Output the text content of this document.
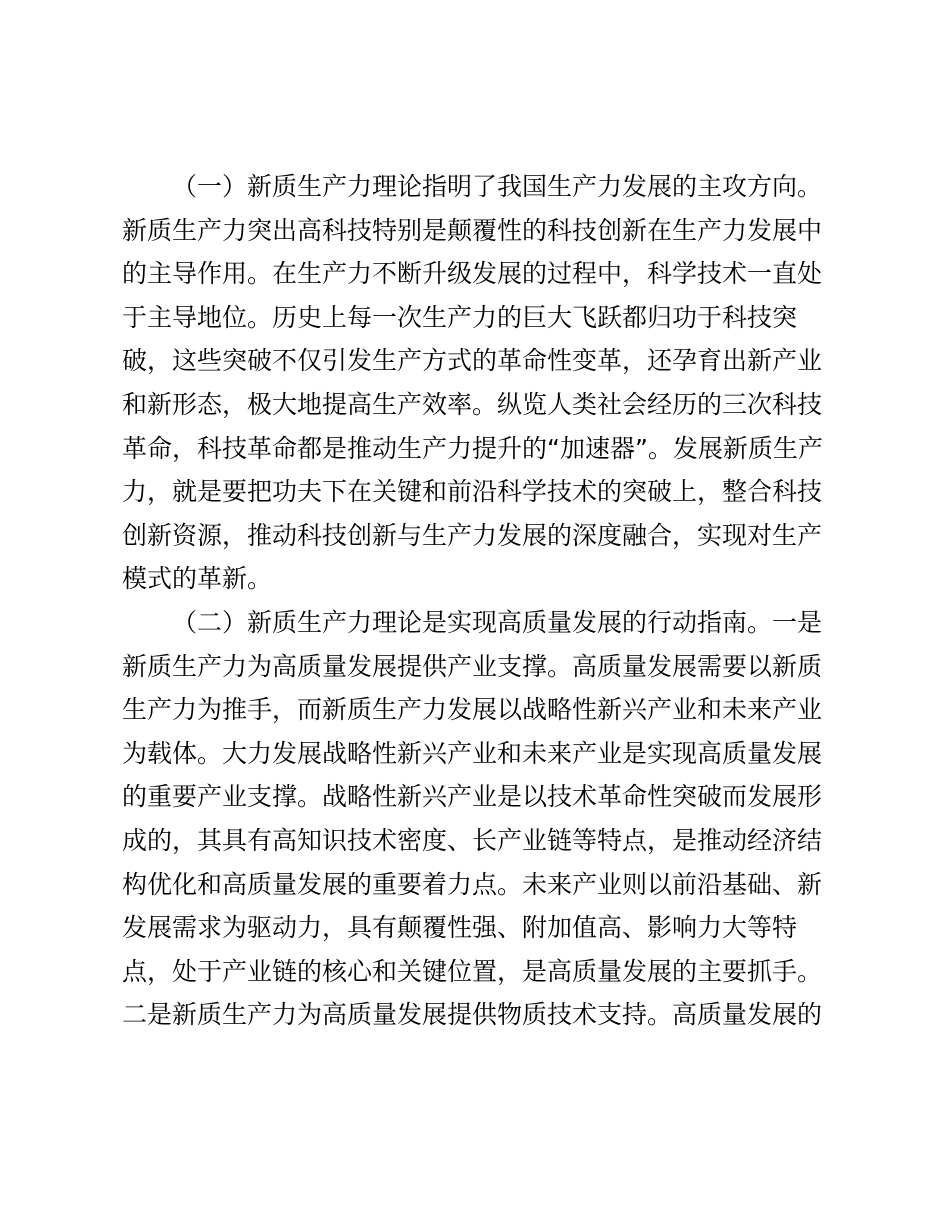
（一）新质生产力理论指明了我国生产力发展的主攻方向。
新质生产力突出高科技特别是颠覆性的科技创新在生产力发展中
的主导作用。在生产力不断升级发展的过程中，科学技术一直处
于主导地位。历史上每一次生产力的巨大飞跃都归功于科技突
破，这些突破不仅引发生产方式的革命性变革，还孕育出新产业
和新形态，极大地提高生产效率。纵览人类社会经历的三次科技
革命，科技革命都是推动生产力提升的“加速器”。发展新质生产
力，就是要把功夫下在关键和前沿科学技术的突破上，整合科技
创新资源，推动科技创新与生产力发展的深度融合，实现对生产
模式的革新。
（二）新质生产力理论是实现高质量发展的行动指南。一是
新质生产力为高质量发展提供产业支撑。高质量发展需要以新质
生产力为推手，而新质生产力发展以战略性新兴产业和未来产业
为载体。大力发展战略性新兴产业和未来产业是实现高质量发展
的重要产业支撑。战略性新兴产业是以技术革命性突破而发展形
成的，其具有高知识技术密度、长产业链等特点，是推动经济结
构优化和高质量发展的重要着力点。未来产业则以前沿基础、新
发展需求为驱动力，具有颠覆性强、附加值高、影响力大等特
点，处于产业链的核心和关键位置，是高质量发展的主要抓手。
二是新质生产力为高质量发展提供物质技术支持。高质量发展的
